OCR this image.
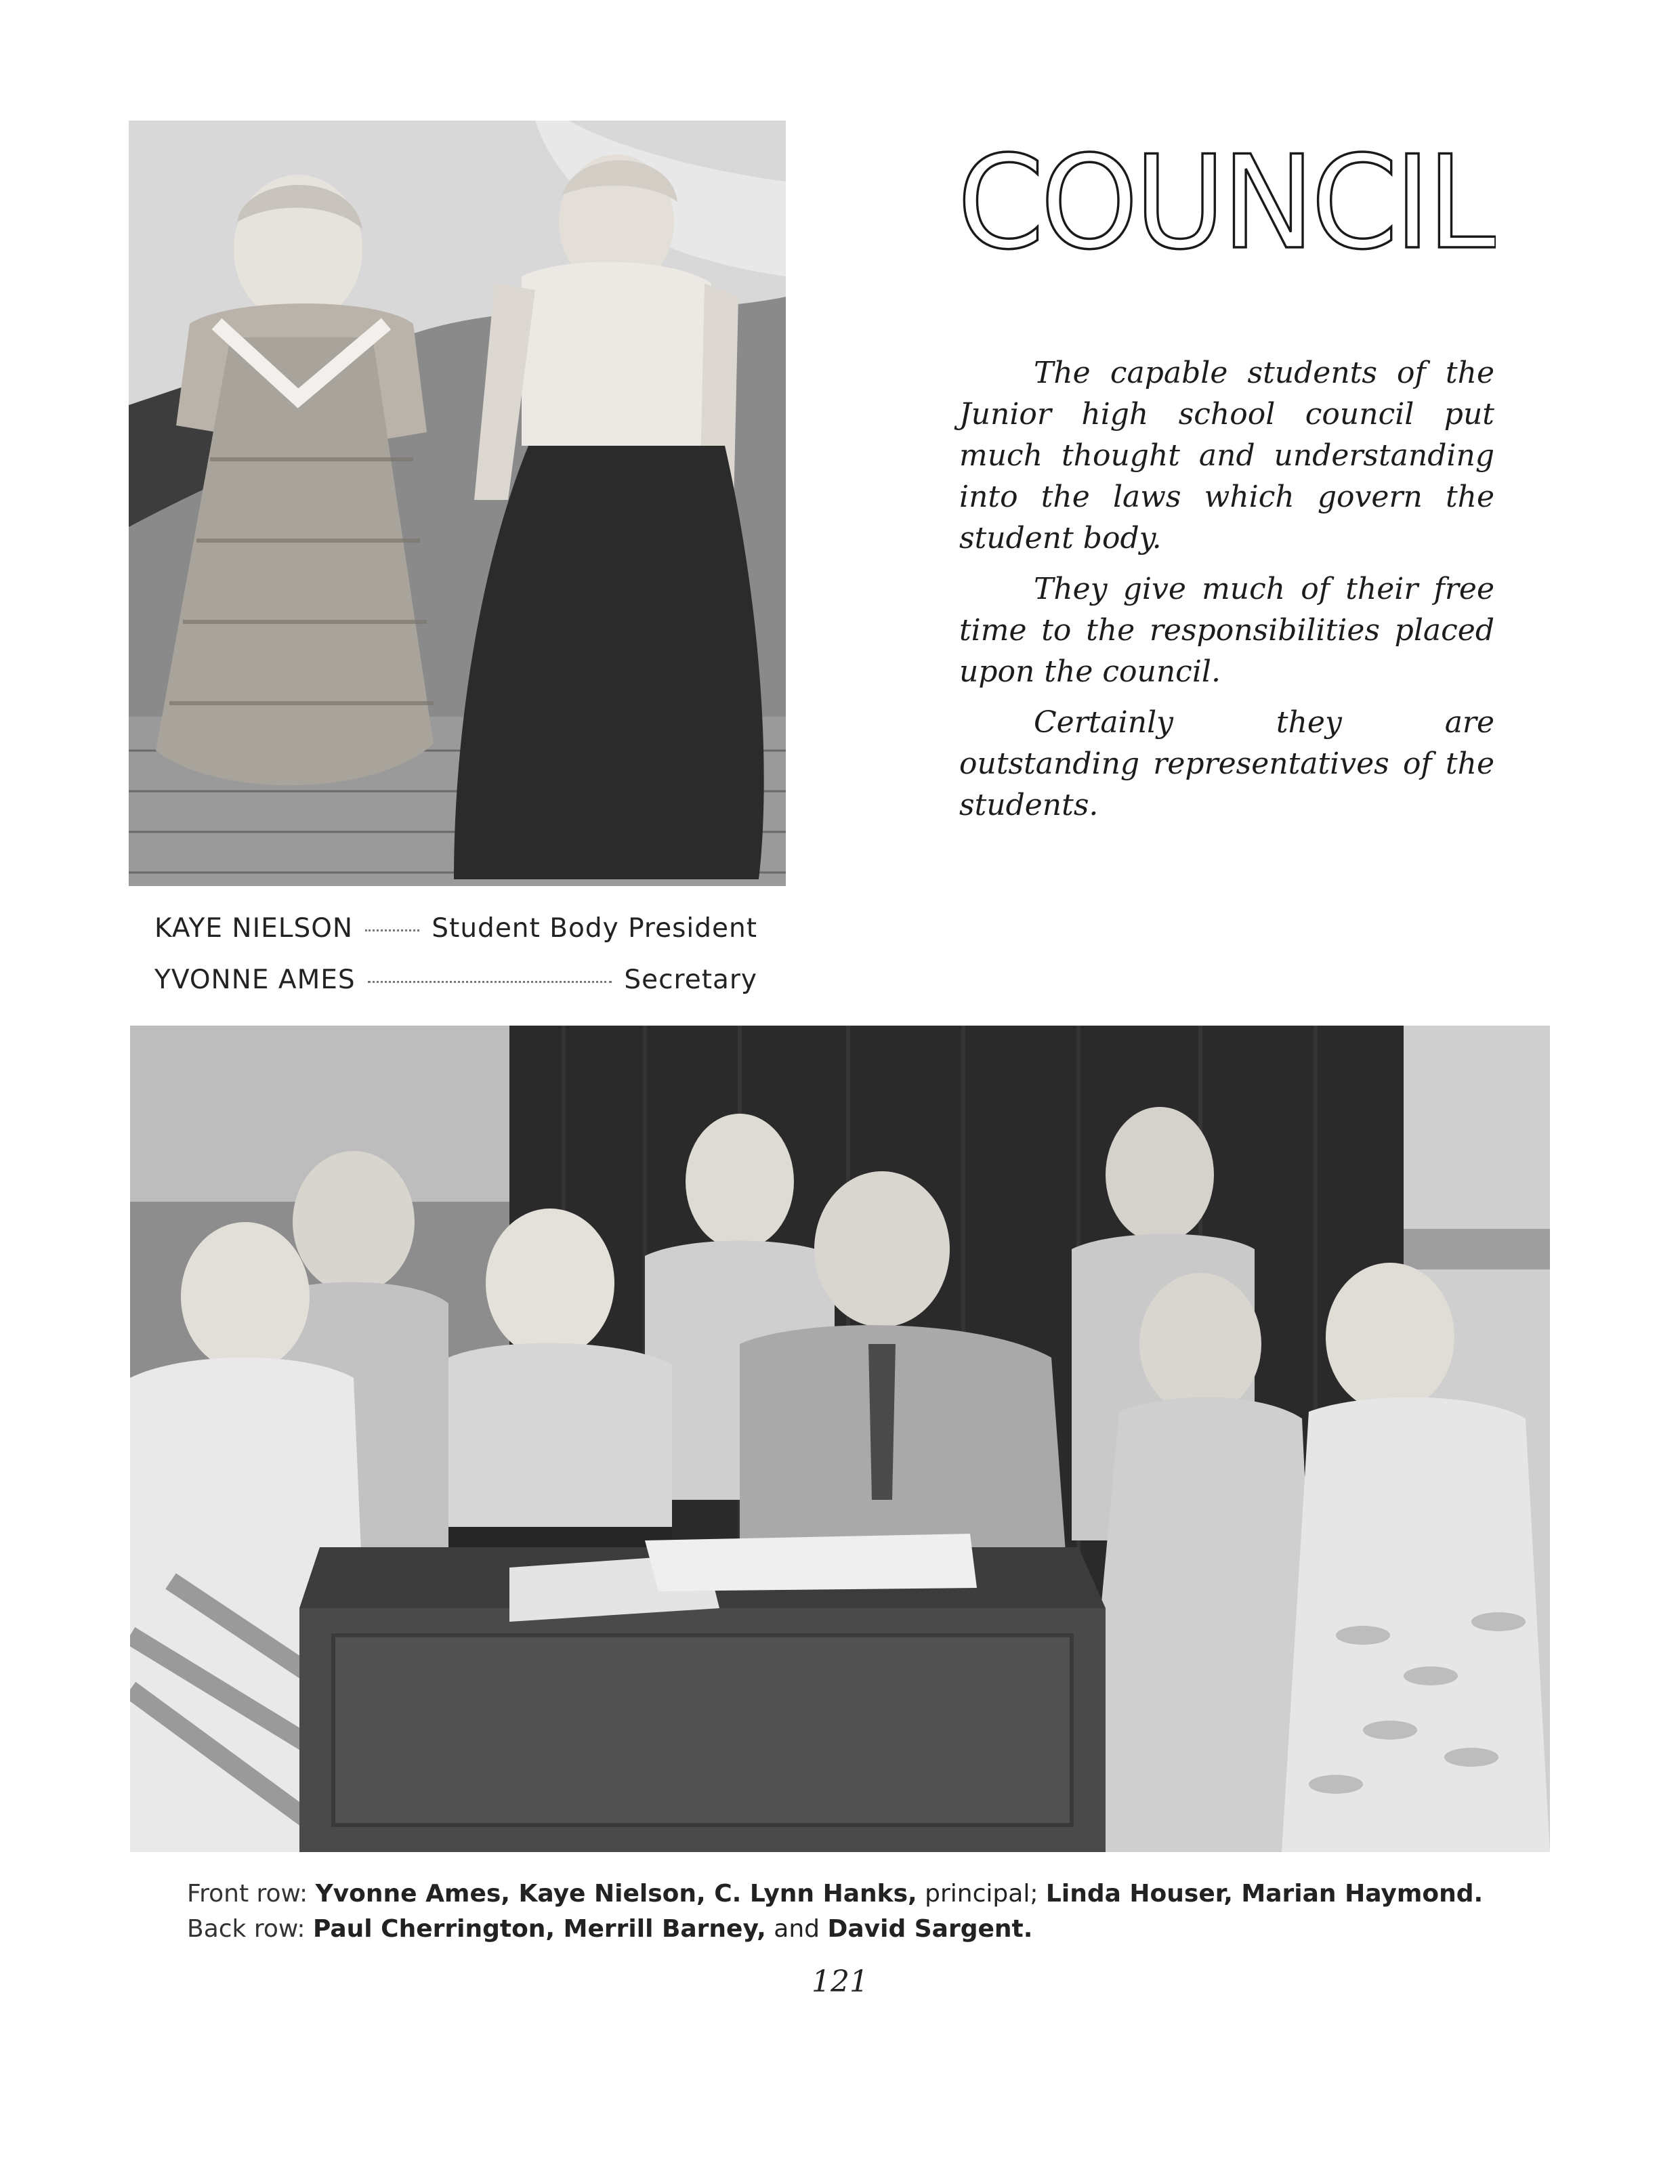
COUNCIL

The capable students of the Junior high school council put much thought and understanding into the laws which govern the student body.

They give much of their free time to the responsibilities placed upon the council.

Certainly they are outstanding representatives of the students.

KAYE NIELSON	Student Body President
YVONNE AMES	Secretary
Front row: Yvonne Ames, Kaye Nielson, C. Lynn Hanks, principal; Linda Houser, Marian Haymond.
Back row: Paul Cherrington, Merrill Barney, and David Sargent.
121
